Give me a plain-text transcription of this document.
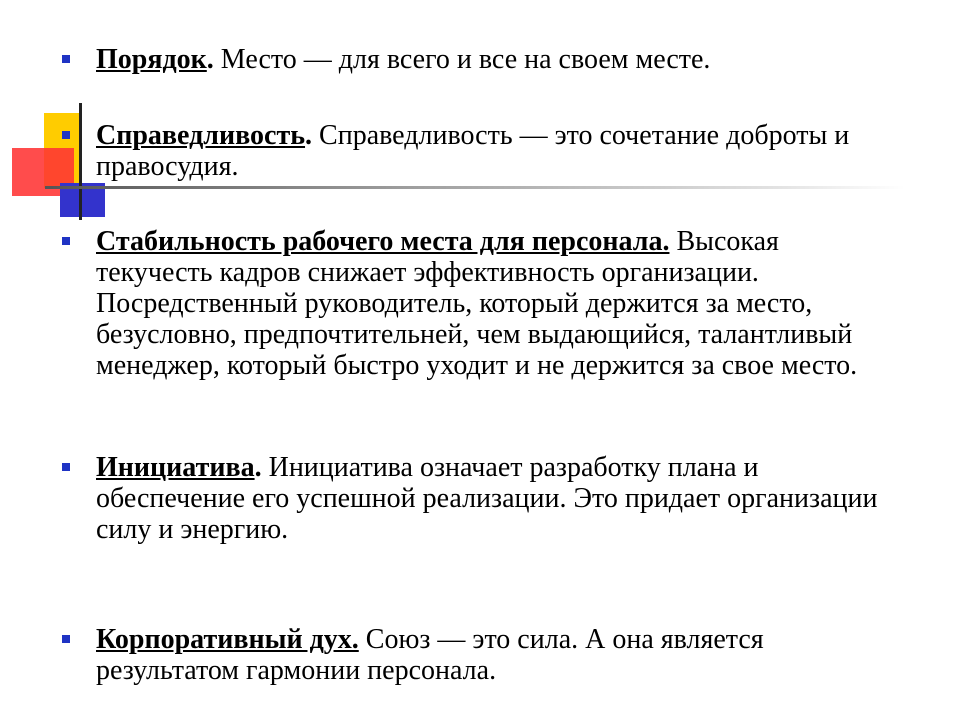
Порядок. Место — для всего и все на своем месте.
Справедливость. Справедливость — это сочетание доброты и правосудия.
Стабильность рабочего места для персонала. Высокая текучесть кадров снижает эффективность организации. Посредственный руководитель, который держится за место, безусловно, предпочтительней, чем выдающийся, талантливый менеджер, который быстро уходит и не держится за свое место.
Инициатива. Инициатива означает разработку плана и обеспечение его успешной реализации. Это придает организации силу и энергию.
Корпоративный дух. Союз — это сила. А она является результатом гармонии персонала.
